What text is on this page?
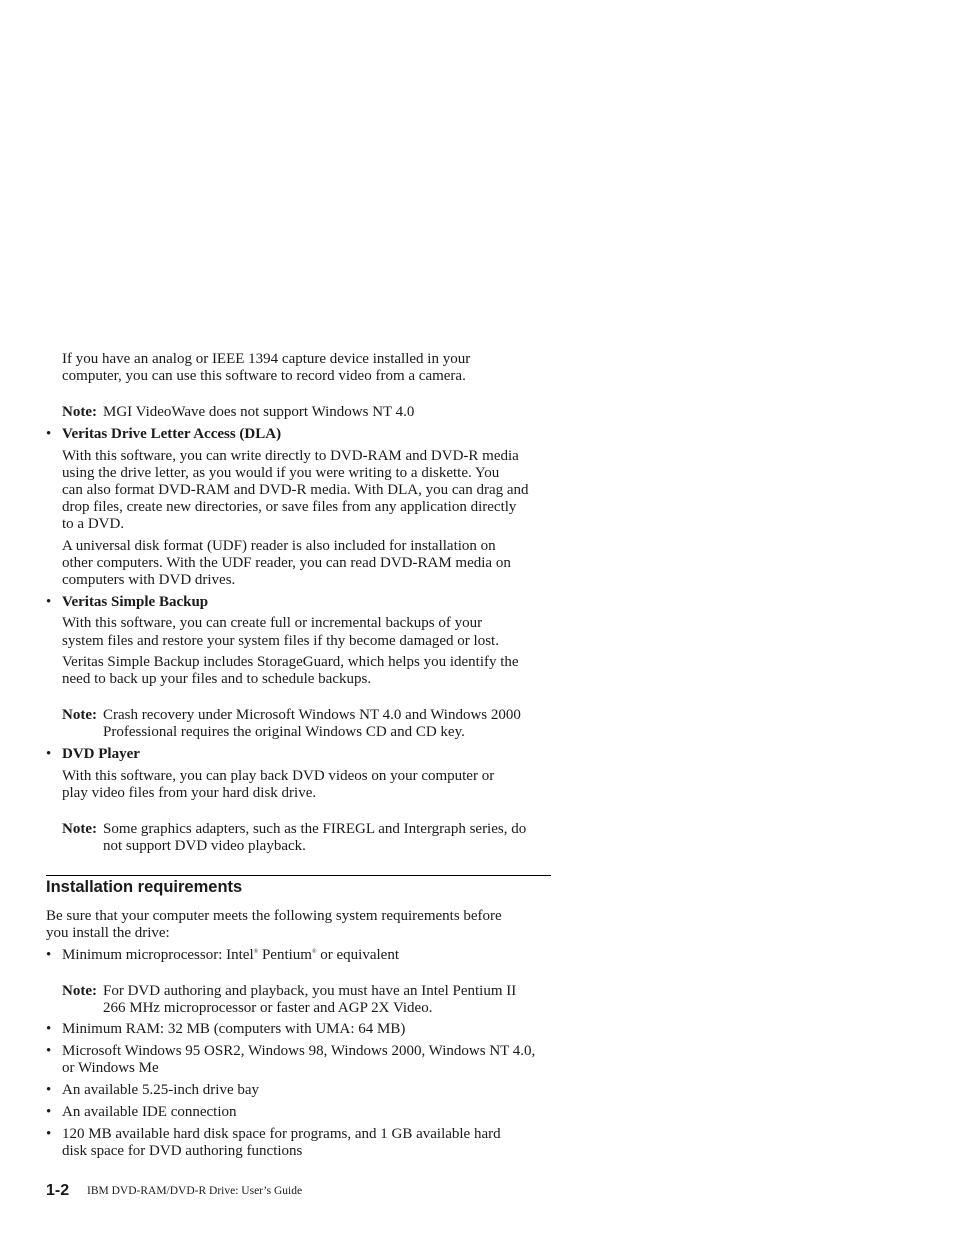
If you have an analog or IEEE 1394 capture device installed in your

computer, you can use this software to record video from a camera.

Note: MGI VideoWave does not support Windows NT 4.0

• Veritas Drive Letter Access (DLA)

With this software, you can write directly to DVD-RAM and DVD-R media

using the drive letter, as you would if you were writing to a diskette. You

can also format DVD-RAM and DVD-R media. With DLA, you can drag and

drop files, create new directories, or save files from any application directly

to a DVD.

A universal disk format (UDF) reader is also included for installation on

other computers. With the UDF reader, you can read DVD-RAM media on

computers with DVD drives.

• Veritas Simple Backup

With this software, you can create full or incremental backups of your

system files and restore your system files if thy become damaged or lost.

Veritas Simple Backup includes StorageGuard, which helps you identify the

need to back up your files and to schedule backups.

Note: Crash recovery under Microsoft Windows NT 4.0 and Windows 2000

Professional requires the original Windows CD and CD key.

• DVD Player

With this software, you can play back DVD videos on your computer or

play video files from your hard disk drive.

Note: Some graphics adapters, such as the FIREGL and Intergraph series, do

not support DVD video playback.

Installation requirements

Be sure that your computer meets the following system requirements before

you install the drive:

• Minimum microprocessor: Intel® Pentium® or equivalent

Note: For DVD authoring and playback, you must have an Intel Pentium II

266 MHz microprocessor or faster and AGP 2X Video.

• Minimum RAM: 32 MB (computers with UMA: 64 MB)

• Microsoft Windows 95 OSR2, Windows 98, Windows 2000, Windows NT 4.0,

or Windows Me

• An available 5.25-inch drive bay

• An available IDE connection

• 120 MB available hard disk space for programs, and 1 GB available hard

disk space for DVD authoring functions

1-2 IBM DVD-RAM/DVD-R Drive: User’s Guide
